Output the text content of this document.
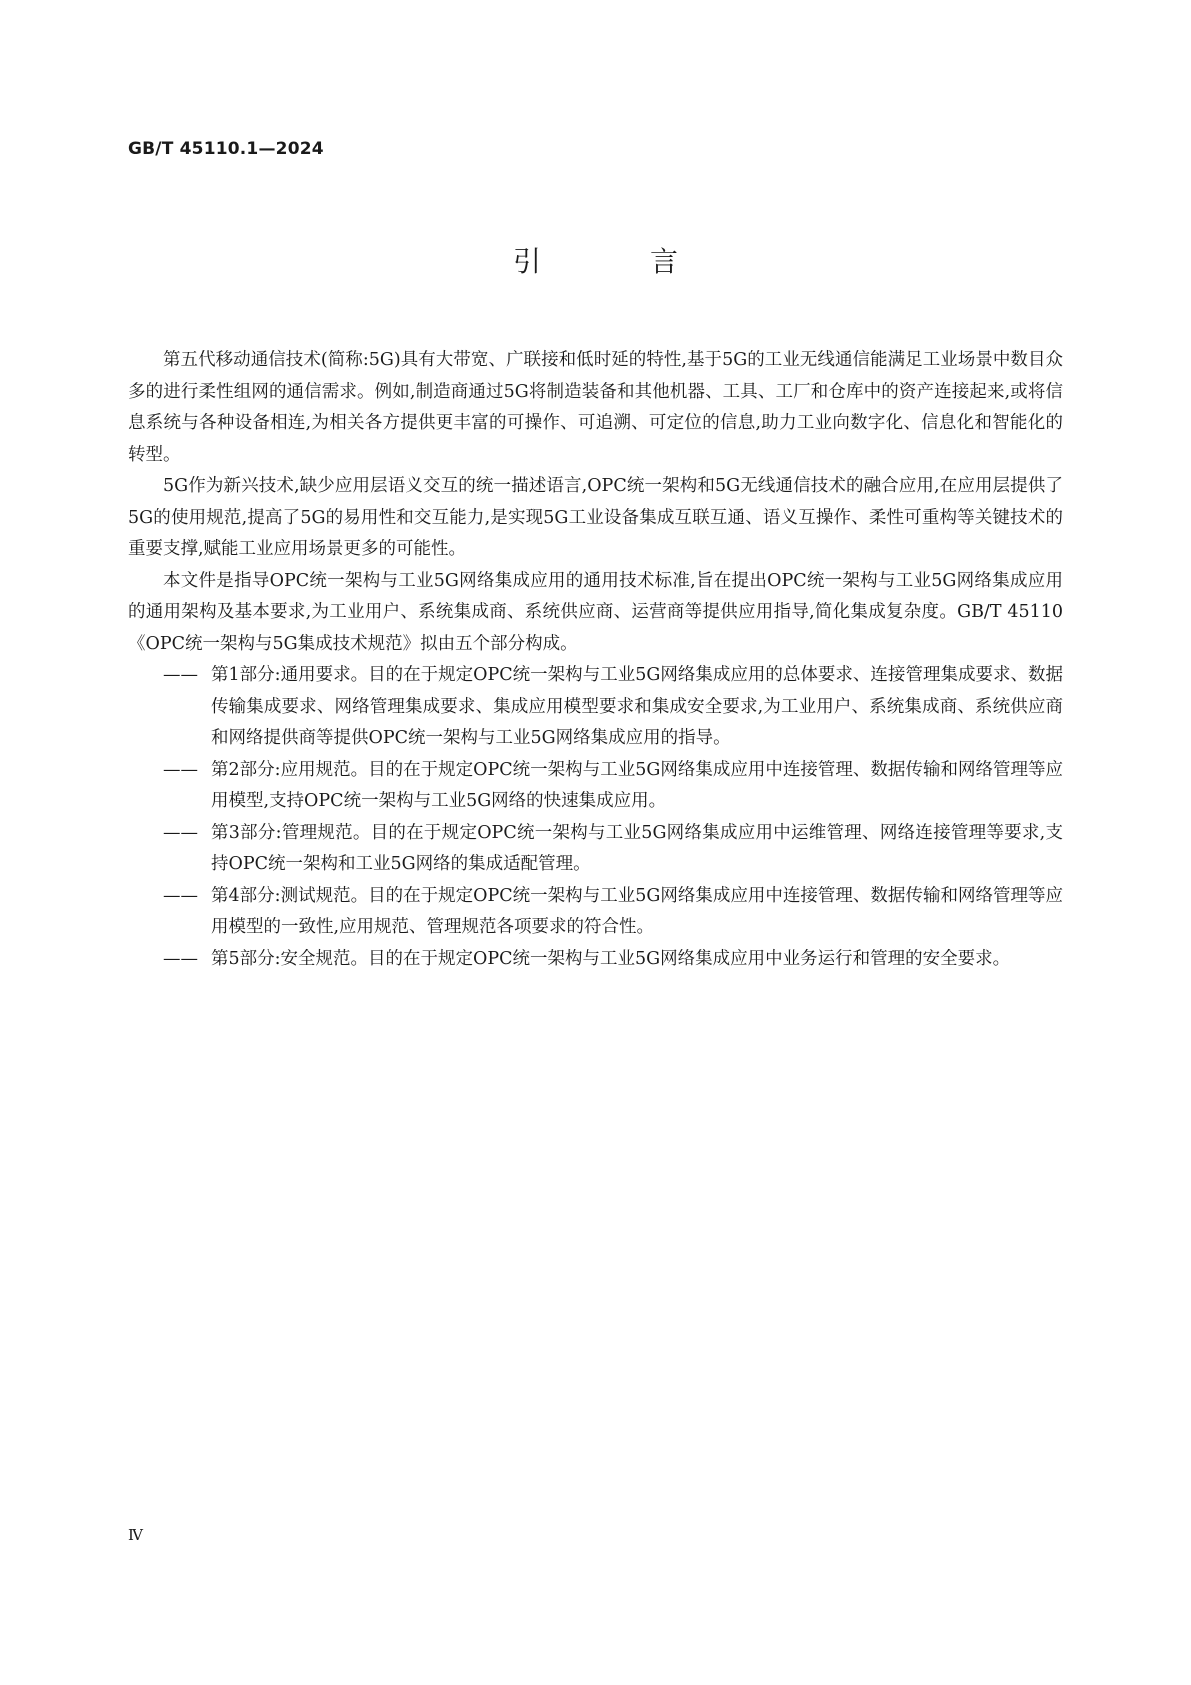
GB/T 45110.1—2024
引 言

第五代移动通信技术(简称:5G)具有大带宽、广联接和低时延的特性,基于5G的工业无线通信能满足工业场景中数目众多的进行柔性组网的通信需求。例如,制造商通过5G将制造装备和其他机器、工具、工厂和仓库中的资产连接起来,或将信息系统与各种设备相连,为相关各方提供更丰富的可操作、可追溯、可定位的信息,助力工业向数字化、信息化和智能化的转型。

5G作为新兴技术,缺少应用层语义交互的统一描述语言,OPC统一架构和5G无线通信技术的融合应用,在应用层提供了5G的使用规范,提高了5G的易用性和交互能力,是实现5G工业设备集成互联互通、语义互操作、柔性可重构等关键技术的重要支撑,赋能工业应用场景更多的可能性。

本文件是指导OPC统一架构与工业5G网络集成应用的通用技术标准,旨在提出OPC统一架构与工业5G网络集成应用的通用架构及基本要求,为工业用户、系统集成商、系统供应商、运营商等提供应用指导,简化集成复杂度。GB/T 45110《OPC统一架构与5G集成技术规范》拟由五个部分构成。

—— 第1部分:通用要求。目的在于规定OPC统一架构与工业5G网络集成应用的总体要求、连接管理集成要求、数据传输集成要求、网络管理集成要求、集成应用模型要求和集成安全要求,为工业用户、系统集成商、系统供应商和网络提供商等提供OPC统一架构与工业5G网络集成应用的指导。
—— 第2部分:应用规范。目的在于规定OPC统一架构与工业5G网络集成应用中连接管理、数据传输和网络管理等应用模型,支持OPC统一架构与工业5G网络的快速集成应用。
—— 第3部分:管理规范。目的在于规定OPC统一架构与工业5G网络集成应用中运维管理、网络连接管理等要求,支持OPC统一架构和工业5G网络的集成适配管理。
—— 第4部分:测试规范。目的在于规定OPC统一架构与工业5G网络集成应用中连接管理、数据传输和网络管理等应用模型的一致性,应用规范、管理规范各项要求的符合性。
—— 第5部分:安全规范。目的在于规定OPC统一架构与工业5G网络集成应用中业务运行和管理的安全要求。
Ⅳ
